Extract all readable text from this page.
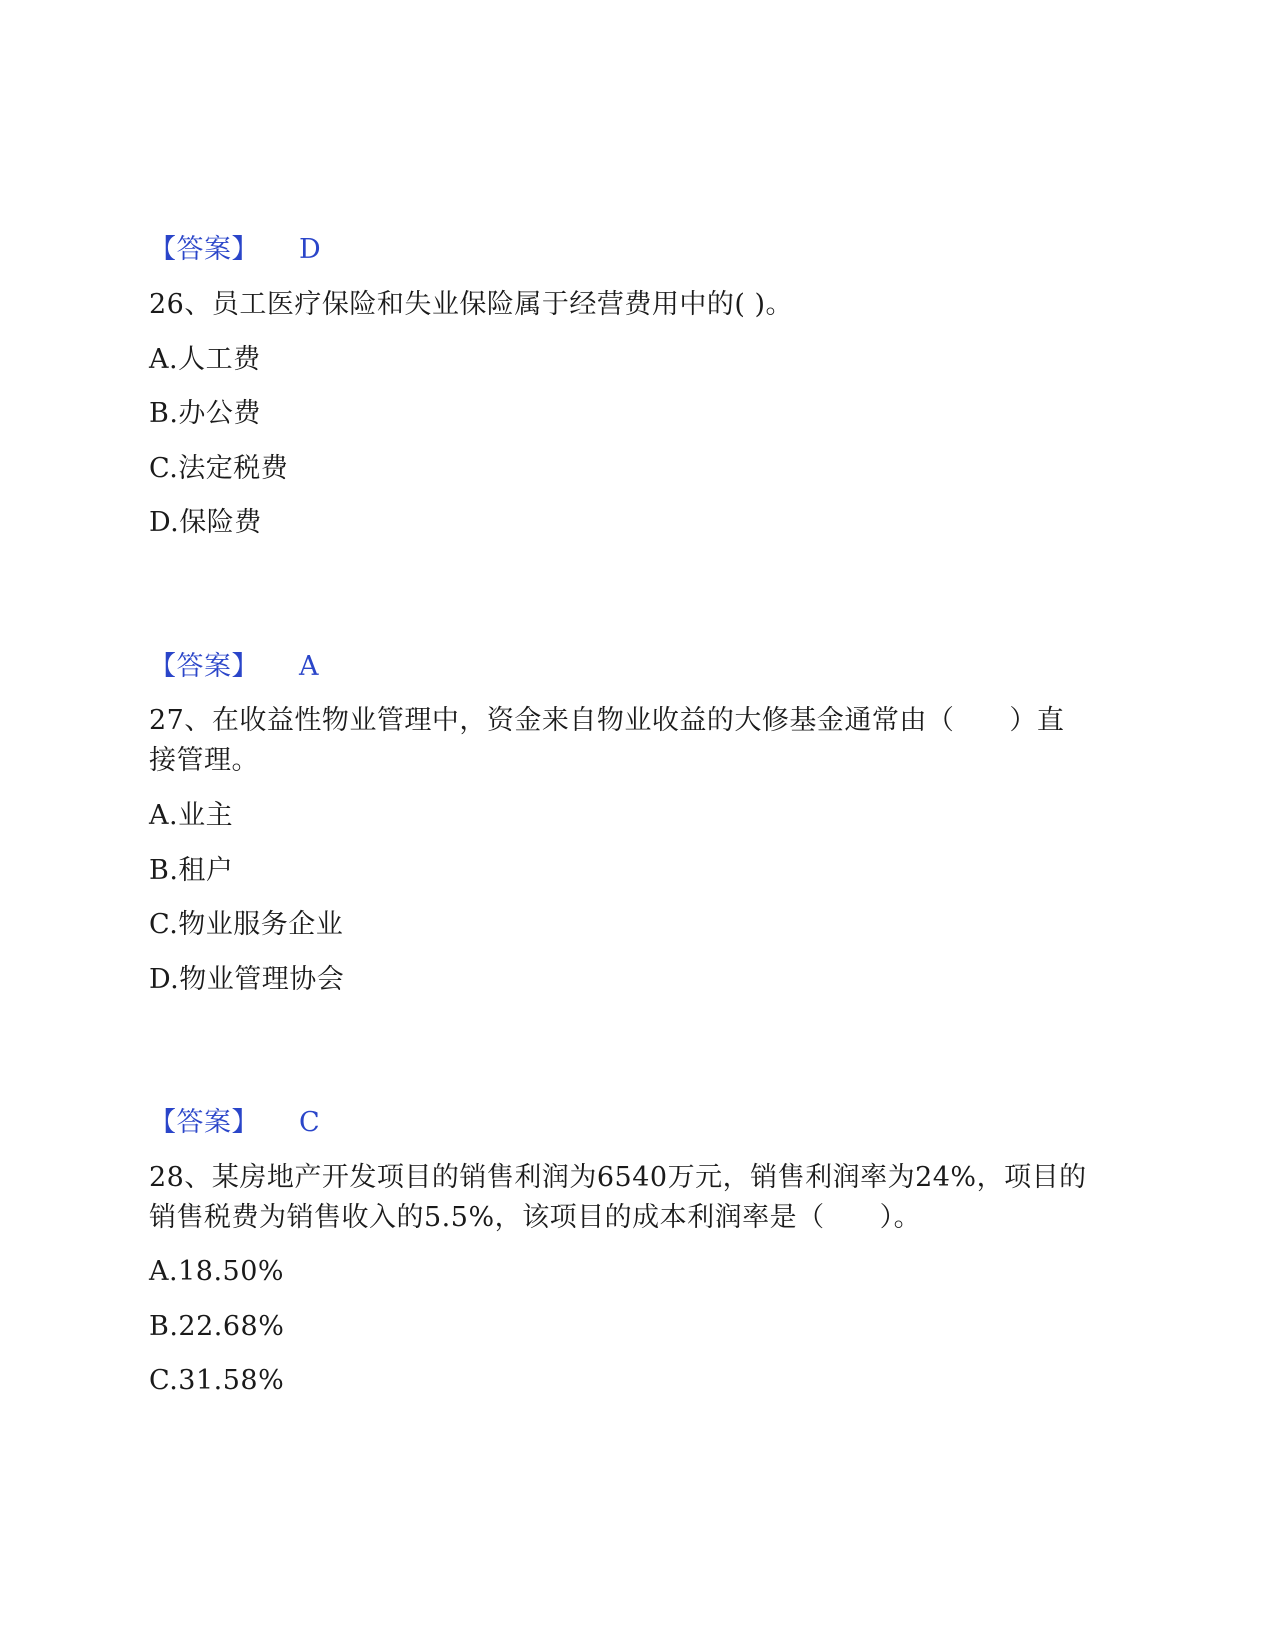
【答案】 D
26、员工医疗保险和失业保险属于经营费用中的( )。
A.人工费
B.办公费
C.法定税费
D.保险费
【答案】 A
27、在收益性物业管理中，资金来自物业收益的大修基金通常由（　　）直
接管理。
A.业主
B.租户
C.物业服务企业
D.物业管理协会
【答案】 C
28、某房地产开发项目的销售利润为6540万元，销售利润率为24%，项目的
销售税费为销售收入的5.5%，该项目的成本利润率是（　　）。
A.18.50%
B.22.68%
C.31.58%
